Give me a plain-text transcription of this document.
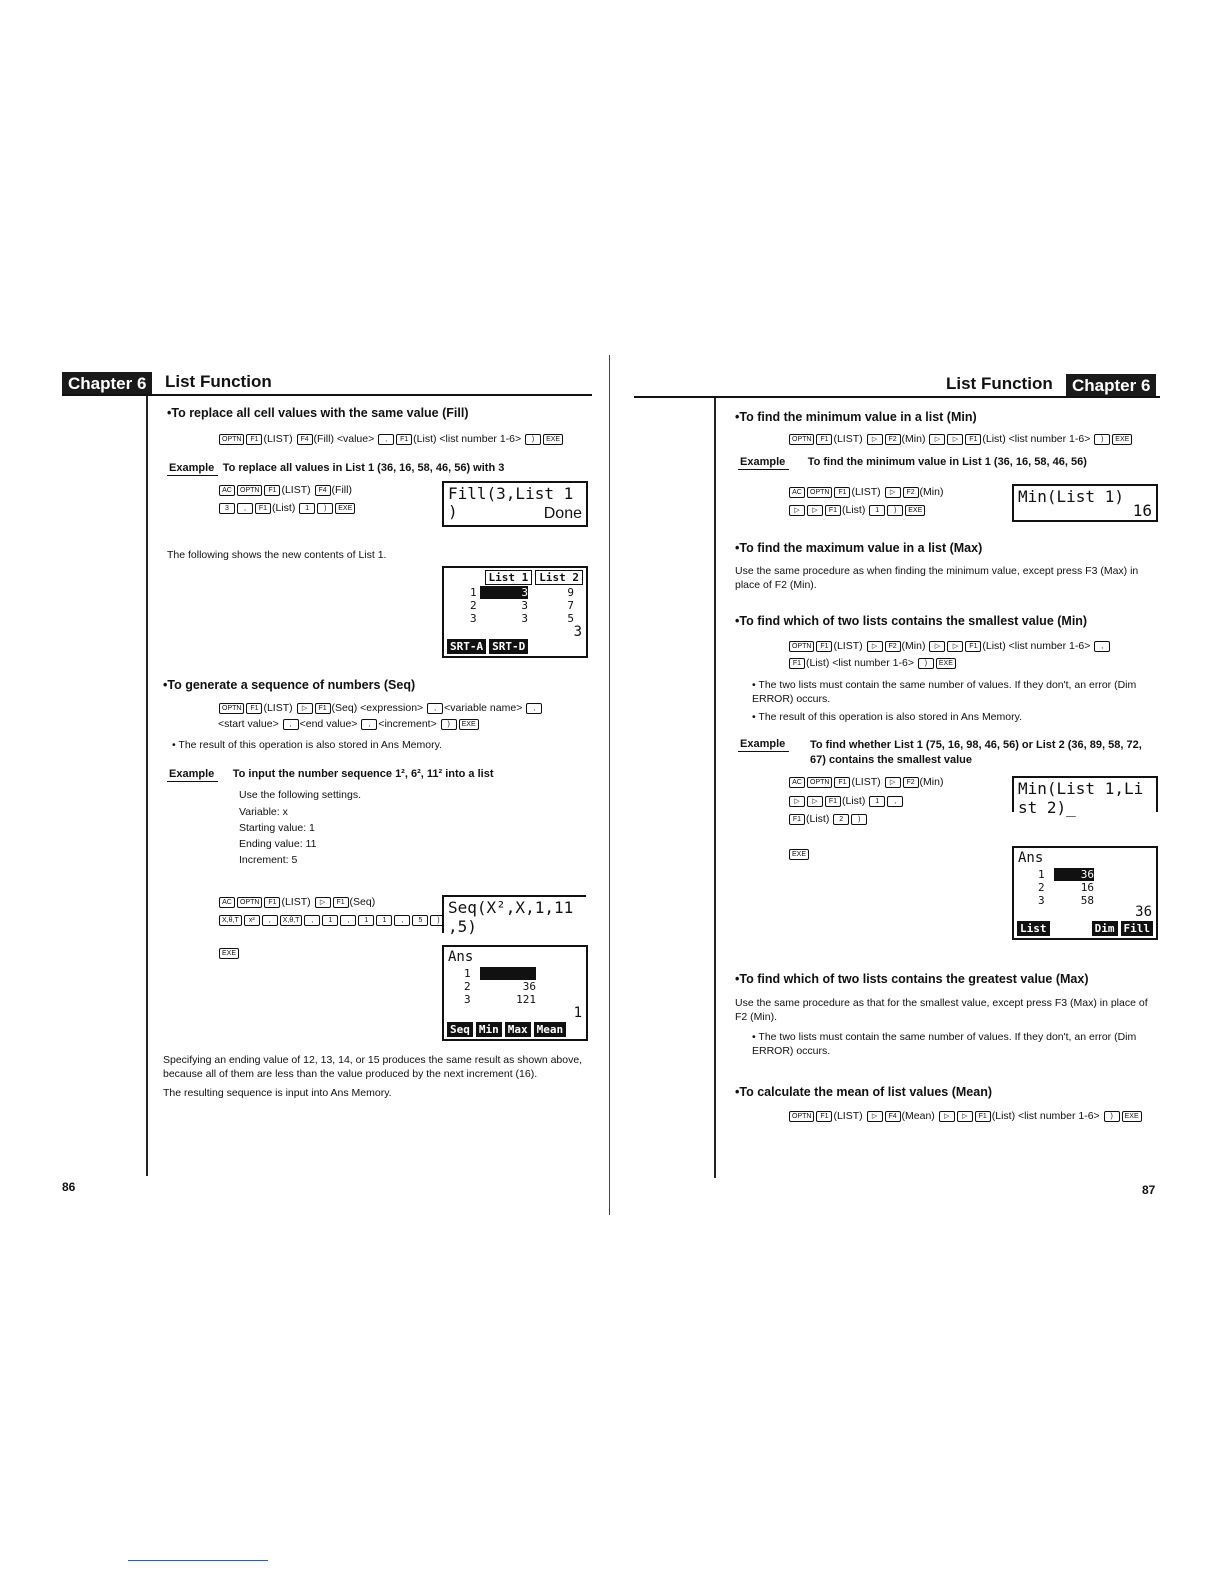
Chapter 6	List Function
•To replace all cell values with the same value (Fill)
OPTN F1 (LIST) F4 (Fill) <value> , F1 (List) <list number 1-6> ) EXE
Example To replace all values in List 1 (36, 16, 58, 46, 56) with 3
AC OPTN F1 (LIST) F4 (Fill)
3 , F1 (List) 1 ) EXE
Fill(3,List 1
)	Done
The following shows the new contents of List 1.
List 1	List 2
1	3	9
2	3	7
3	3	5
3
SRT-A SRT-D
•To generate a sequence of numbers (Seq)
OPTN F1 (LIST) ▷ F1 (Seq) <expression> , <variable name> ,
<start value> , <end value> , <increment> ) EXE
• The result of this operation is also stored in Ans Memory.
Example To input the number sequence 1², 6², 11² into a list
Use the following settings.
Variable: x
Starting value: 1
Ending value: 11
Increment: 5
AC OPTN F1 (LIST) ▷ F1 (Seq)
X,θ,T x² , X,θ,T , 1 , 1 1 , 5 )
EXE
Seq(X²,X,1,11
,5)
Ans
1
2	36
3	121
1
Seq Min Max Mean
Specifying an ending value of 12, 13, 14, or 15 produces the same result as shown above, because all of them are less than the value produced by the next increment (16).
The resulting sequence is input into Ans Memory.
86
List Function	Chapter 6
•To find the minimum value in a list (Min)
OPTN F1 (LIST) ▷ F2 (Min) ▷ ▷ F1 (List) <list number 1-6> ) EXE
Example To find the minimum value in List 1 (36, 16, 58, 46, 56)
AC OPTN F1 (LIST) ▷ F2 (Min)
▷ ▷ F1 (List) 1 ) EXE
Min(List 1)
16
•To find the maximum value in a list (Max)
Use the same procedure as when finding the minimum value, except press F3 (Max) in place of F2 (Min).
•To find which of two lists contains the smallest value (Min)
OPTN F1 (LIST) ▷ F2 (Min) ▷ ▷ F1 (List) <list number 1-6> ,
F1 (List) <list number 1-6> ) EXE
• The two lists must contain the same number of values. If they don't, an error (Dim ERROR) occurs.
• The result of this operation is also stored in Ans Memory.
Example	To find whether List 1 (75, 16, 98, 46, 56) or List 2 (36, 89, 58, 72, 67) contains the smallest value
AC OPTN F1 (LIST) ▷ F2 (Min)
▷ ▷ F1 (List) 1 ,
F1 (List) 2 )
EXE
Min(List 1,Li
st 2)_
Ans
1	36
2	16
3	58
36
List	Dim Fill
•To find which of two lists contains the greatest value (Max)
Use the same procedure as that for the smallest value, except press F3 (Max) in place of F2 (Min).
• The two lists must contain the same number of values. If they don't, an error (Dim ERROR) occurs.
•To calculate the mean of list values (Mean)
OPTN F1 (LIST) ▷ F4 (Mean) ▷ ▷ F1 (List) <list number 1-6> ) EXE
87
